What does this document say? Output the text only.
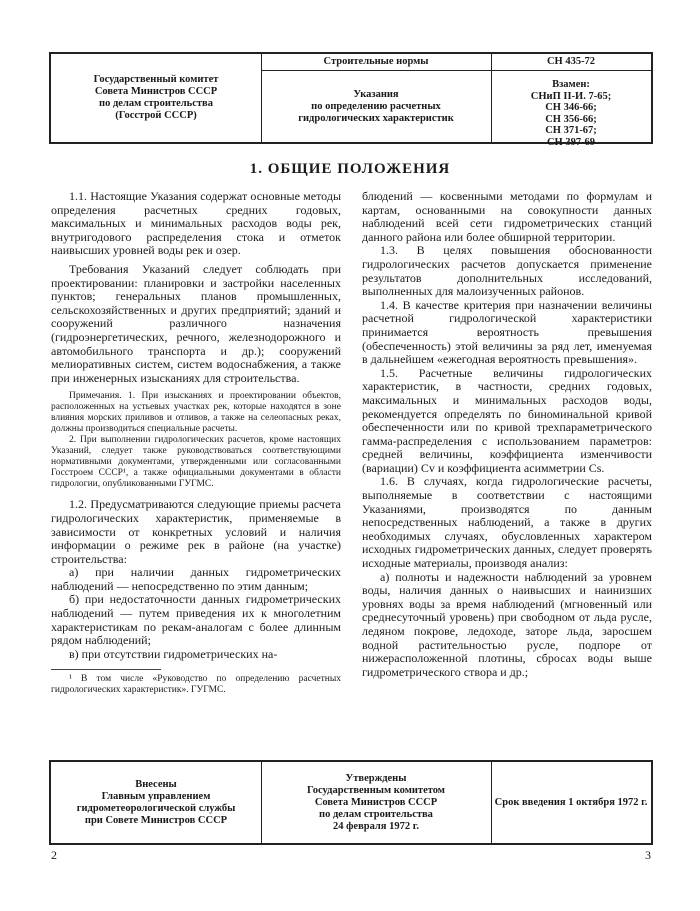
Государственный комитет
Совета Министров СССР
по делам строительства
(Госстрой СССР)
Строительные нормы
Указания
по определению расчетных
гидрологических характеристик
СН 435-72
Взамен:
СНиП II-И. 7-65;
СН 346-66;
СН 356-66;
СН 371-67;
СН 397-69
1. ОБЩИЕ ПОЛОЖЕНИЯ

1.1. Настоящие Указания содержат основные методы определения расчетных средних годовых, максимальных и минимальных расходов воды рек, внутригодового распределения стока и отметок наивысших уровней воды рек и озер.

Требования Указаний следует соблюдать при проектировании: планировки и застройки населенных пунктов; генеральных планов промышленных, сельскохозяйственных и других предприятий; зданий и сооружений различного назначения (гидроэнергетических, речного, железнодорожного и автомобильного транспорта и др.); сооружений мелиоративных систем, систем водоснабжения, а также при инженерных изысканиях для строительства.

Примечания. 1. При изысканиях и проектировании объектов, расположенных на устьевых участках рек, которые находятся в зоне влияния морских приливов и отливов, а также на селеопасных реках, должны производиться специальные расчеты.

2. При выполнении гидрологических расчетов, кроме настоящих Указаний, следует также руководствоваться соответствующими нормативными документами, утвержденными или согласованными Госстроем СССР¹, а также официальными документами в области гидрологии, опубликованными ГУГМС.

1.2. Предусматриваются следующие приемы расчета гидрологических характеристик, применяемые в зависимости от конкретных условий и наличия информации о режиме рек в районе (на участке) строительства:

а) при наличии данных гидрометрических наблюдений — непосредственно по этим данным;

б) при недостаточности данных гидрометрических наблюдений — путем приведения их к многолетним характеристикам по рекам-аналогам с более длинным рядом наблюдений;

в) при отсутствии гидрометрических на-

¹ В том числе «Руководство по определению расчетных гидрологических характеристик». ГУГМС.

блюдений — косвенными методами по формулам и картам, основанными на совокупности данных наблюдений всей сети гидрометрических станций данного района или более обширной территории.

1.3. В целях повышения обоснованности гидрологических расчетов допускается применение результатов дополнительных исследований, выполненных для малоизученных районов.

1.4. В качестве критерия при назначении величины расчетной гидрологической характеристики принимается вероятность превышения (обеспеченность) этой величины за ряд лет, именуемая в дальнейшем «ежегодная вероятность превышения».

1.5. Расчетные величины гидрологических характеристик, в частности, средних годовых, максимальных и минимальных расходов воды, рекомендуется определять по биноминальной кривой обеспеченности или по кривой трехпараметрического гамма-распределения с использованием параметров: средней величины, коэффициента изменчивости (вариации) Cv и коэффициента асимметрии Cs.

1.6. В случаях, когда гидрологические расчеты, выполняемые в соответствии с настоящими Указаниями, производятся по данным непосредственных наблюдений, а также в других необходимых случаях, обусловленных характером исходных гидрометрических данных, следует проверять исходные материалы, производя анализ:

а) полноты и надежности наблюдений за уровнем воды, наличия данных о наивысших и наинизших уровнях воды за время наблюдений (мгновенный или среднесуточный уровень) при свободном от льда русле, ледяном покрове, ледоходе, заторе льда, заросшем водной растительностью русле, подпоре от нижерасположенной плотины, сбросах воды выше гидрометрического створа и др.;

Внесены
Главным управлением
гидрометеорологической службы
при Совете Министров СССР
Утверждены
Государственным комитетом
Совета Министров СССР
по делам строительства
24 февраля 1972 г.
Срок введения 1 октября 1972 г.
2	3
